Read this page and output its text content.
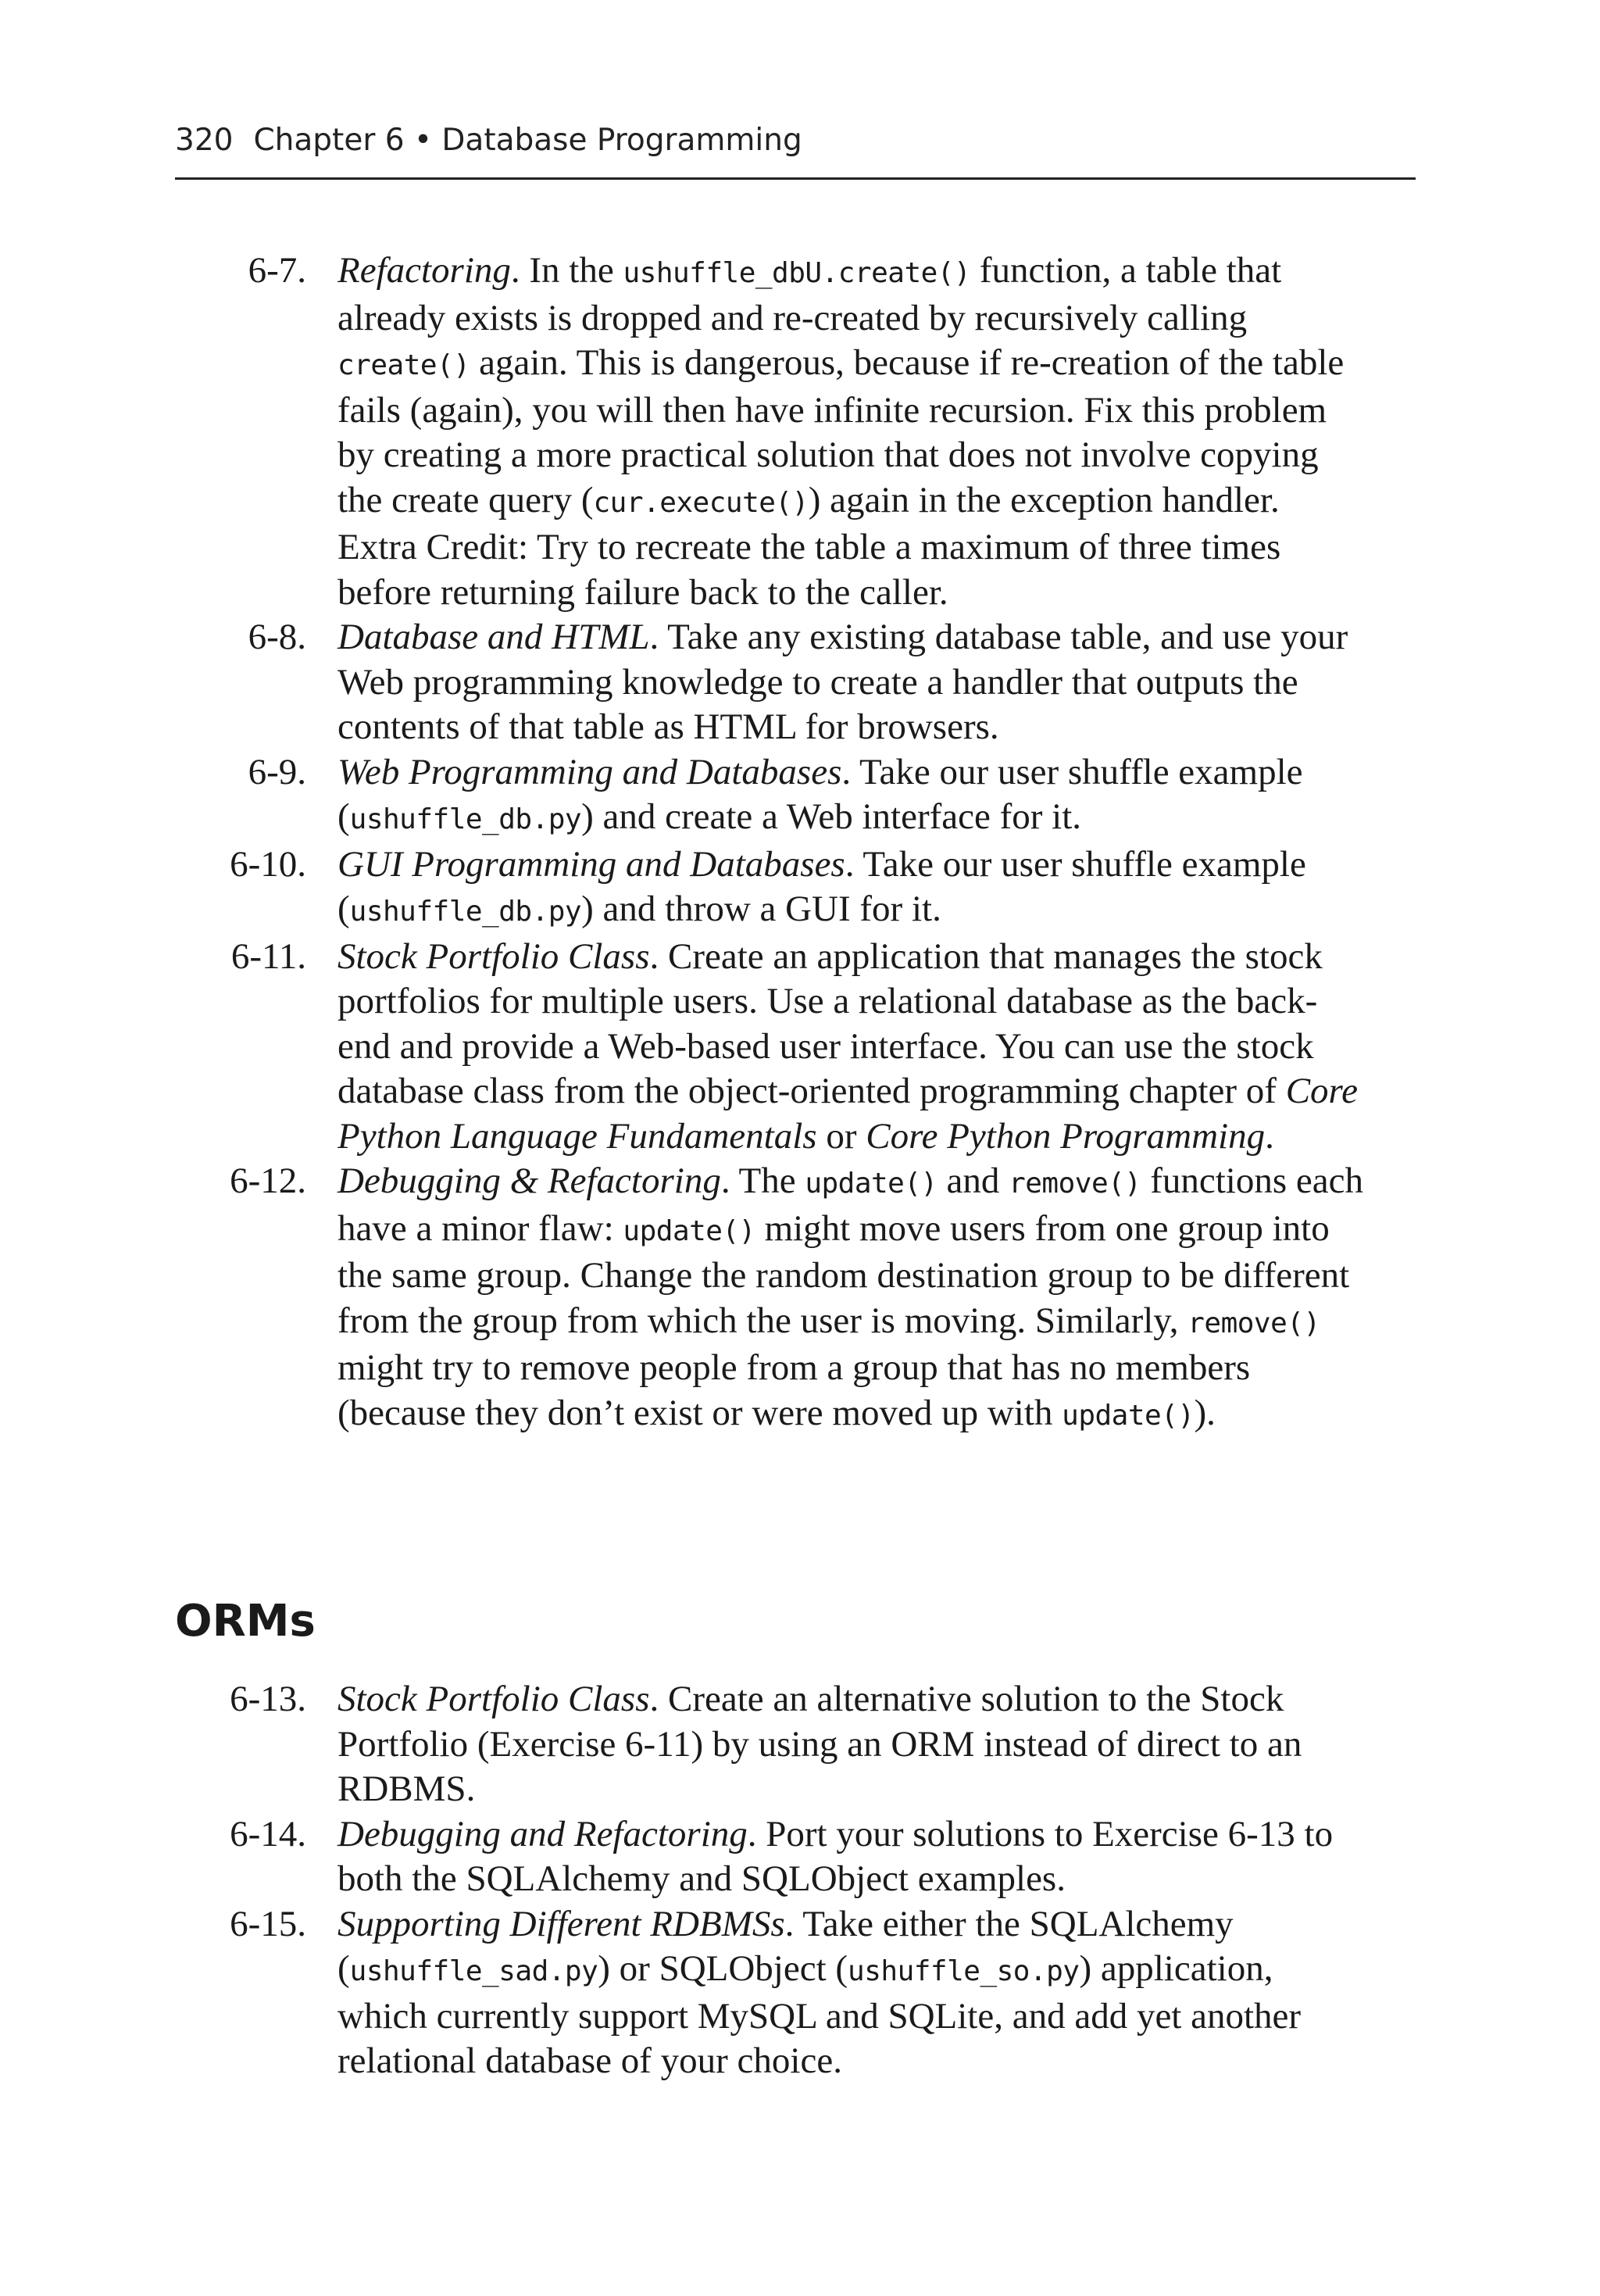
320 Chapter 6 • Database Programming
6-7. Refactoring. In the ushuffle_dbU.create() function, a table that already exists is dropped and re-created by recursively calling create() again. This is dangerous, because if re-creation of the table fails (again), you will then have infinite recursion. Fix this problem by creating a more practical solution that does not involve copying the create query (cur.execute()) again in the exception handler. Extra Credit: Try to recreate the table a maximum of three times before returning failure back to the caller.
6-8. Database and HTML. Take any existing database table, and use your Web programming knowledge to create a handler that outputs the contents of that table as HTML for browsers.
6-9. Web Programming and Databases. Take our user shuffle example (ushuffle_db.py) and create a Web interface for it.
6-10. GUI Programming and Databases. Take our user shuffle example (ushuffle_db.py) and throw a GUI for it.
6-11. Stock Portfolio Class. Create an application that manages the stock portfolios for multiple users. Use a relational database as the back-end and provide a Web-based user interface. You can use the stock database class from the object-oriented programming chapter of Core Python Language Fundamentals or Core Python Programming.
6-12. Debugging & Refactoring. The update() and remove() functions each have a minor flaw: update() might move users from one group into the same group. Change the random destination group to be different from the group from which the user is moving. Similarly, remove() might try to remove people from a group that has no members (because they don’t exist or were moved up with update()).
ORMs
6-13. Stock Portfolio Class. Create an alternative solution to the Stock Portfolio (Exercise 6-11) by using an ORM instead of direct to an RDBMS.
6-14. Debugging and Refactoring. Port your solutions to Exercise 6-13 to both the SQLAlchemy and SQLObject examples.
6-15. Supporting Different RDBMSs. Take either the SQLAlchemy (ushuffle_sad.py) or SQLObject (ushuffle_so.py) application, which currently support MySQL and SQLite, and add yet another relational database of your choice.
